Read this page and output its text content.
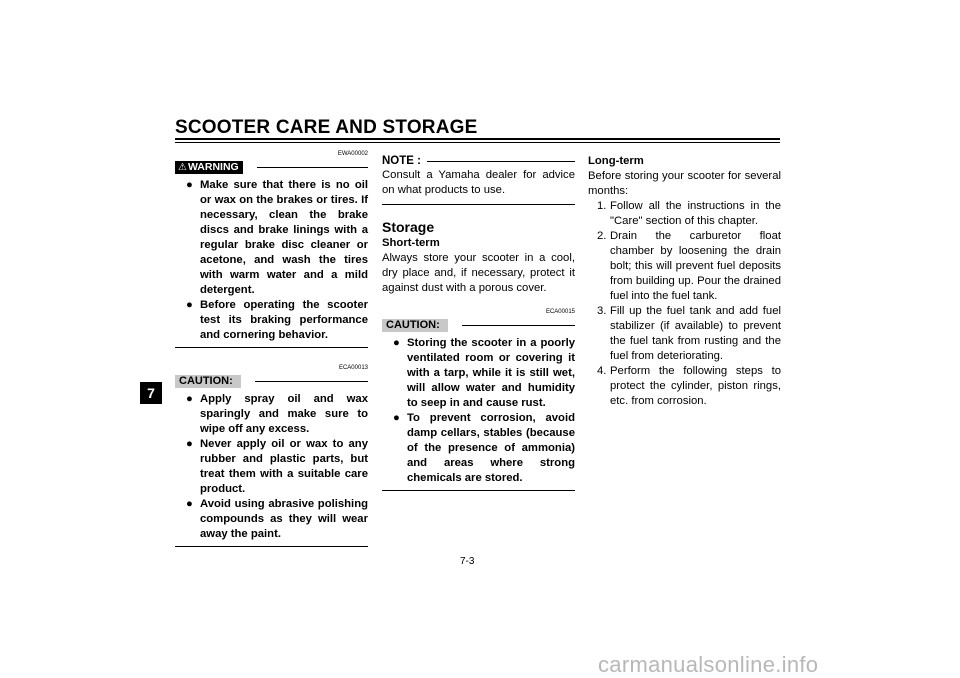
SCOOTER CARE AND STORAGE
7
EWA00002
⚠ WARNING
● Make sure that there is no oil or wax on the brakes or tires. If necessary, clean the brake discs and brake linings with a regular brake disc cleaner or acetone, and wash the tires with warm water and a mild detergent.
● Before operating the scooter test its braking performance and cornering behavior.
ECA00013
CAUTION:
● Apply spray oil and wax sparingly and make sure to wipe off any excess.
● Never apply oil or wax to any rubber and plastic parts, but treat them with a suitable care product.
● Avoid using abrasive polishing compounds as they will wear away the paint.
NOTE :
Consult a Yamaha dealer for advice on what products to use.
Storage
Short-term
Always store your scooter in a cool, dry place and, if necessary, protect it against dust with a porous cover.
ECA00015
CAUTION:
● Storing the scooter in a poorly ventilated room or covering it with a tarp, while it is still wet, will allow water and humidity to seep in and cause rust.
● To prevent corrosion, avoid damp cellars, stables (because of the presence of ammonia) and areas where strong chemicals are stored.
Long-term
Before storing your scooter for several months:
1. Follow all the instructions in the "Care" section of this chapter.
2. Drain the carburetor float chamber by loosening the drain bolt; this will prevent fuel deposits from building up. Pour the drained fuel into the fuel tank.
3. Fill up the fuel tank and add fuel stabilizer (if available) to prevent the fuel tank from rusting and the fuel from deteriorating.
4. Perform the following steps to protect the cylinder, piston rings, etc. from corrosion.
7-3
carmanualsonline.info
